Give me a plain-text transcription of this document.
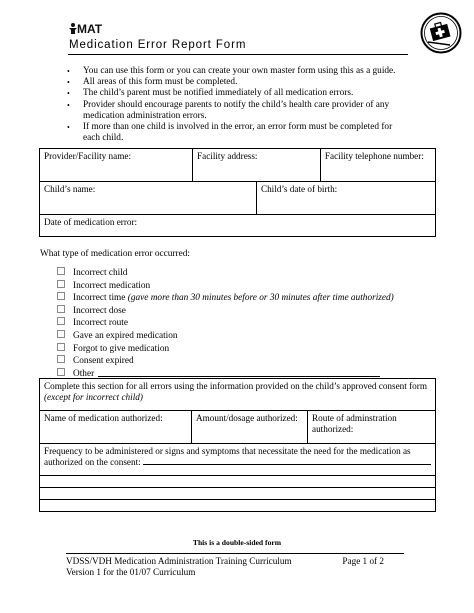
MAT
Medication Error Report Form
• You can use this form or you can create your own master form using this as a guide.
• All areas of this form must be completed.
• The child’s parent must be notified immediately of all medication errors.
• Provider should encourage parents to notify the child’s health care provider of any medication administration errors.
• If more than one child is involved in the error, an error form must be completed for each child.
Provider/Facility name:	Facility address:		Facility telephone number:
Child’s name:		Child’s date of birth:	
Date of medication error:			
What type of medication error occurred:
Incorrect child
Incorrect medication
Incorrect time (gave more than 30 minutes before or 30 minutes after time authorized)
Incorrect dose
Incorrect route
Gave an expired medication
Forgot to give medication
Consent expired
Other
Complete this section for all errors using the information provided on the child’s approved consent form (except for incorrect child)
Name of medication authorized:	Amount/dosage authorized:	Route of adminstration authorized:
Frequency to be administered or signs and symptoms that necessitate the need for the medication as authorized on the consent:

This is a double-sided form
VDSS/VDH Medication Administration Training Curriculum	Page 1 of 2
Version 1 for the 01/07 Curriculum
